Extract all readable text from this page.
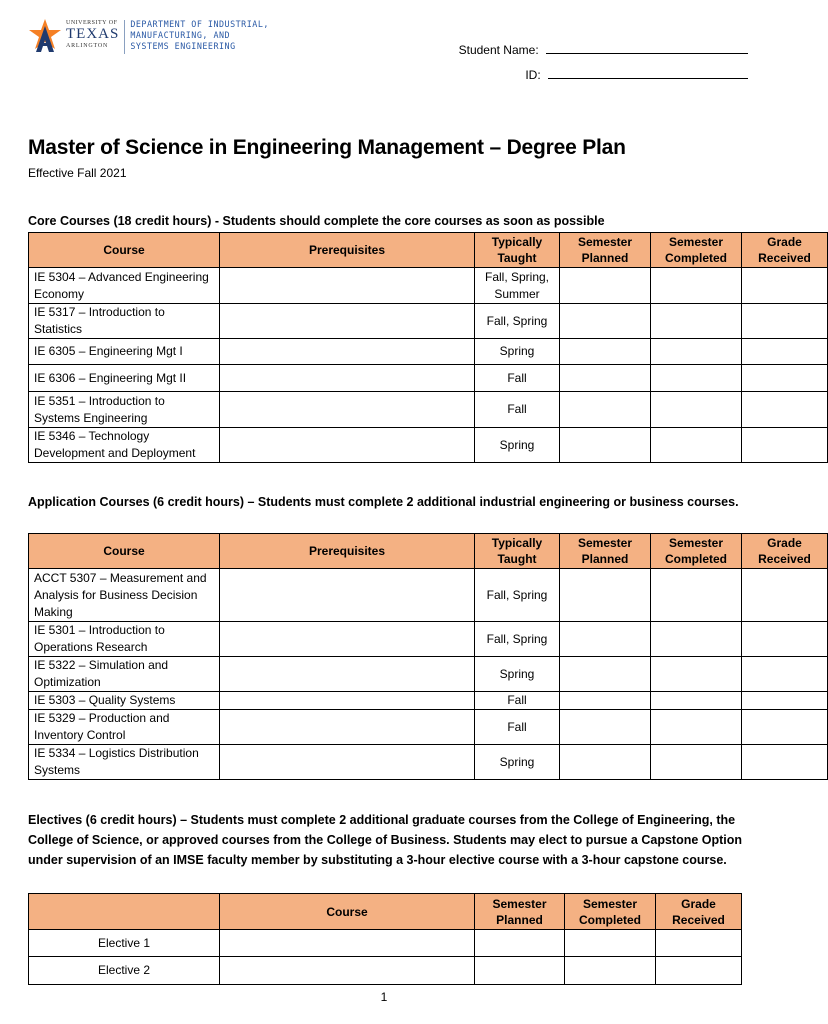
UNIVERSITY OF
TEXAS
ARLINGTON
DEPARTMENT OF INDUSTRIAL,
MANUFACTURING, AND
SYSTEMS ENGINEERING	Student Name:
ID:
Master of Science in Engineering Management – Degree Plan
Effective Fall 2021
Core Courses (18 credit hours) - Students should complete the core courses as soon as possible
Course	Prerequisites	Typically Taught	Semester Planned	Semester Completed	Grade Received
IE 5304 – Advanced Engineering Economy		Fall, Spring, Summer			
IE 5317 – Introduction to Statistics		Fall, Spring			
IE 6305 – Engineering Mgt I		Spring			
IE 6306 – Engineering Mgt II		Fall			
IE 5351 – Introduction to Systems Engineering		Fall			
IE 5346 – Technology Development and Deployment		Spring			
Application Courses (6 credit hours) – Students must complete 2 additional industrial engineering or business courses.
Course	Prerequisites	Typically Taught	Semester Planned	Semester Completed	Grade Received
ACCT 5307 – Measurement and Analysis for Business Decision Making		Fall, Spring			
IE 5301 – Introduction to Operations Research		Fall, Spring			
IE 5322 – Simulation and Optimization		Spring			
IE 5303 – Quality Systems		Fall			
IE 5329 – Production and Inventory Control		Fall			
IE 5334 – Logistics Distribution Systems		Spring			
Electives (6 credit hours) – Students must complete 2 additional graduate courses from the College of Engineering, the College of Science, or approved courses from the College of Business. Students may elect to pursue a Capstone Option under supervision of an IMSE faculty member by substituting a 3-hour elective course with a 3-hour capstone course.
	Course	Semester Planned	Semester Completed	Grade Received
Elective 1				
Elective 2				
1
